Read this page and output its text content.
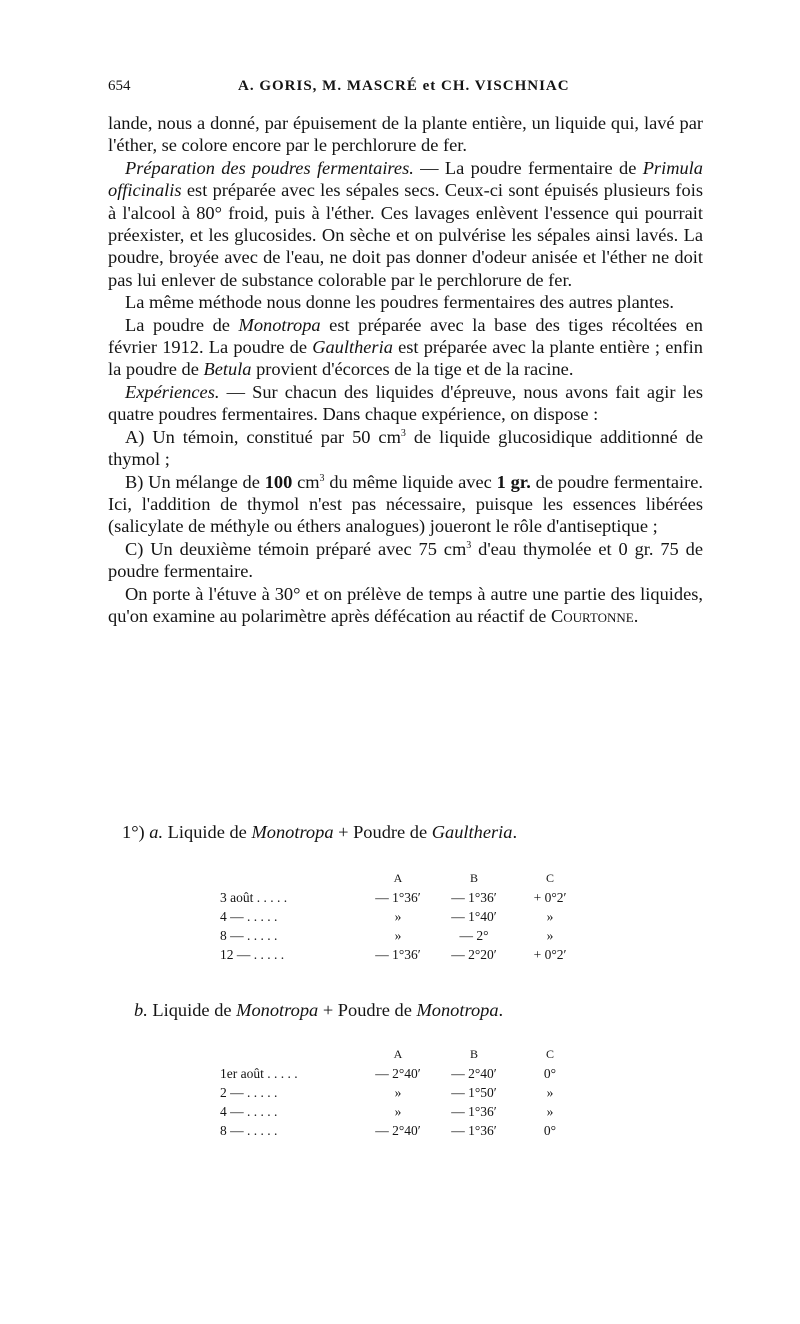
654	A. GORIS, M. MASCRÉ et CH. VISCHNIAC

lande, nous a donné, par épuisement de la plante entière, un liquide qui, lavé par l'éther, se colore encore par le perchlorure de fer.

Préparation des poudres fermentaires. — La poudre fermentaire de Primula officinalis est préparée avec les sépales secs. Ceux-ci sont épuisés plusieurs fois à l'alcool à 80° froid, puis à l'éther. Ces lavages enlèvent l'essence qui pourrait préexister, et les glucosides. On sèche et on pulvérise les sépales ainsi lavés. La poudre, broyée avec de l'eau, ne doit pas donner d'odeur anisée et l'éther ne doit pas lui enlever de substance colorable par le perchlorure de fer.

La même méthode nous donne les poudres fermentaires des autres plantes.

La poudre de Monotropa est préparée avec la base des tiges récoltées en février 1912. La poudre de Gaultheria est préparée avec la plante entière ; enfin la poudre de Betula provient d'écorces de la tige et de la racine.

Expériences. — Sur chacun des liquides d'épreuve, nous avons fait agir les quatre poudres fermentaires. Dans chaque expérience, on dispose :

A) Un témoin, constitué par 50 $cm^3$ de liquide glucosidique additionné de thymol ;

B) Un mélange de 100 $cm^3$ du même liquide avec 1 gr. de poudre fermentaire. Ici, l'addition de thymol n'est pas nécessaire, puisque les essences libérées (salicylate de méthyle ou éthers analogues) joueront le rôle d'antiseptique ;

C) Un deuxième témoin préparé avec 75 $cm^3$ d'eau thymolée et 0 gr. 75 de poudre fermentaire.

On porte à l'étuve à 30° et on prélève de temps à autre une partie des liquides, qu'on examine au polarimètre après défécation au réactif de Courtonne.

1°) a. Liquide de Monotropa + Poudre de Gaultheria.
	A	B	C
3 août . . . . .	— 1°36′	— 1°36′	+ 0°2′
4 — . . . . .	»	— 1°40′	»
8 — . . . . .	»	— 2°	»
12 — . . . . .	— 1°36′	— 2°20′	+ 0°2′
b. Liquide de Monotropa + Poudre de Monotropa.
	A	B	C
1er août . . . . .	— 2°40′	— 2°40′	0°
2 — . . . . .	»	— 1°50′	»
4 — . . . . .	»	— 1°36′	»
8 — . . . . .	— 2°40′	— 1°36′	0°
